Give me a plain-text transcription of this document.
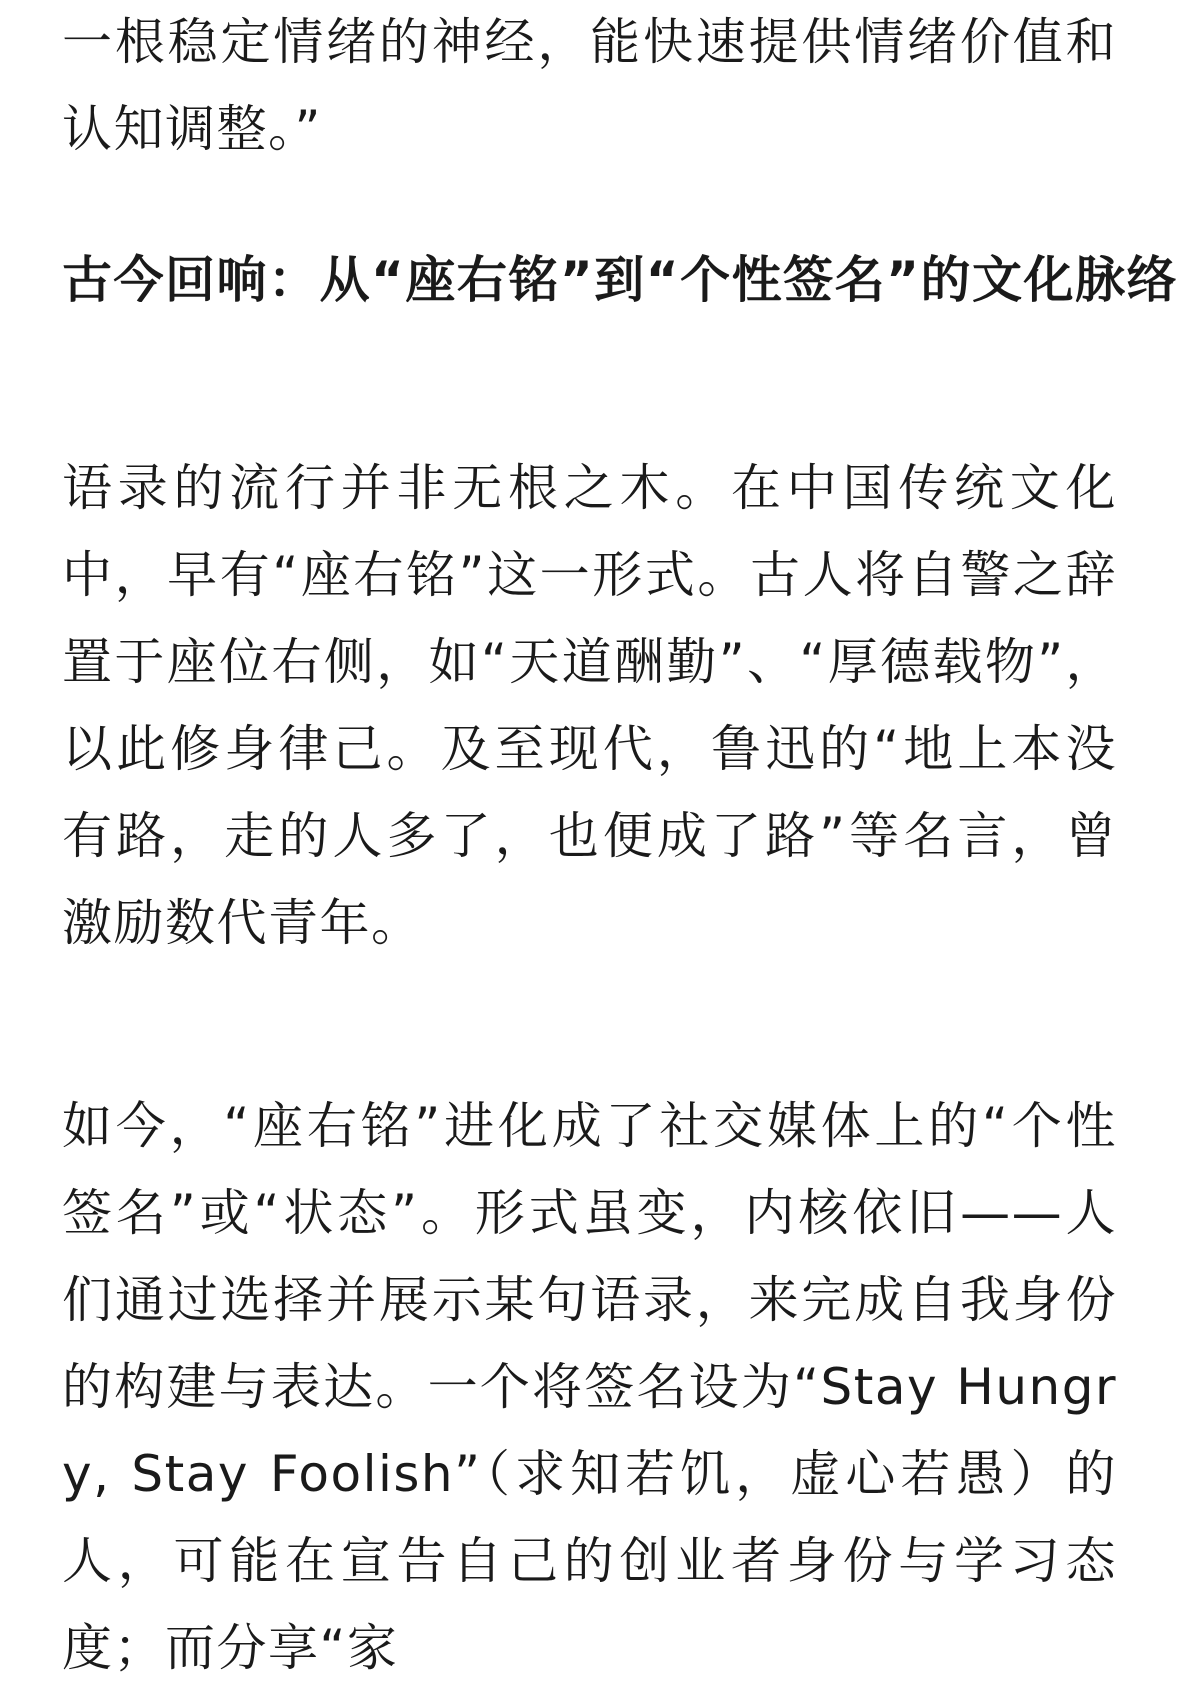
一根稳定情绪的神经，能快速提供情绪价值和认知调整。”

古今回响：从“座右铭”到“个性签名”的文化脉络

语录的流行并非无根之木。在中国传统文化中，早有“座右铭”这一形式。古人将自警之辞置于座位右侧，如“天道酬勤”、“厚德载物”，以此修身律己。及至现代，鲁迅的“地上本没有路，走的人多了，也便成了路”等名言，曾激励数代青年。

如今，“座右铭”进化成了社交媒体上的“个性签名”或“状态”。形式虽变，内核依旧——人们通过选择并展示某句语录，来完成自我身份的构建与表达。一个将签名设为“Stay Hungry, Stay Foolish”（求知若饥，虚心若愚）的人，可能在宣告自己的创业者身份与学习态度；而分享“家
